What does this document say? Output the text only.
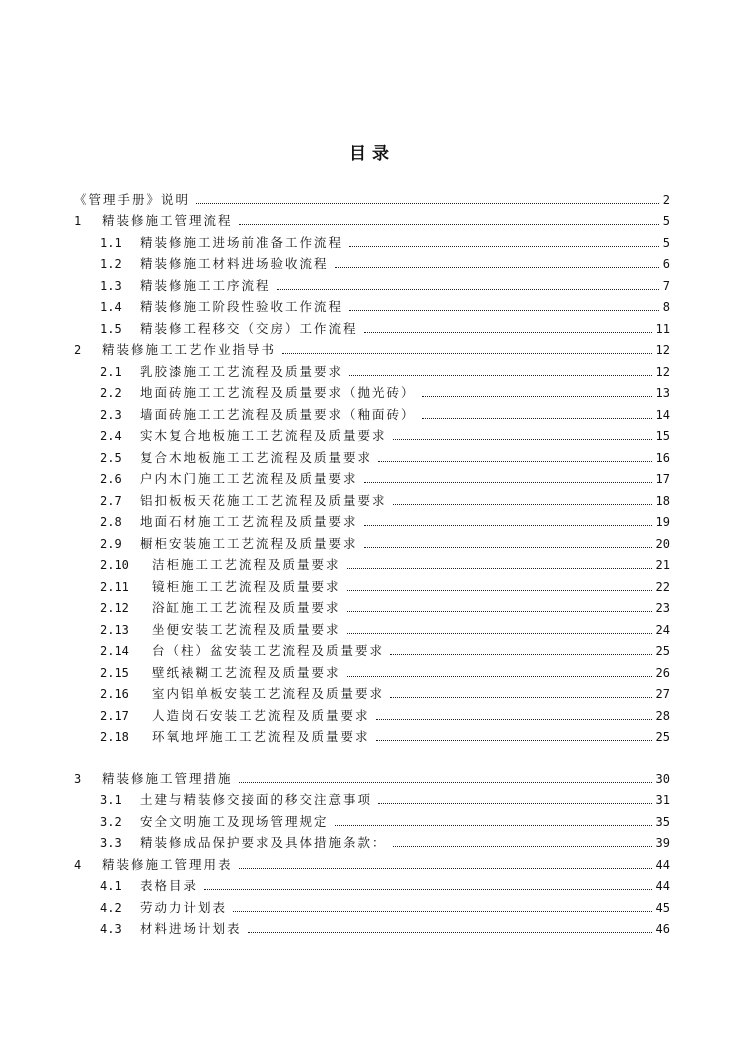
目录
《管理手册》说明	2
1	精装修施工管理流程	5
1.1	精装修施工进场前准备工作流程	5
1.2	精装修施工材料进场验收流程	6
1.3	精装修施工工序流程	7
1.4	精装修施工阶段性验收工作流程	8
1.5	精装修工程移交（交房）工作流程	11
2	精装修施工工艺作业指导书	12
2.1	乳胶漆施工工艺流程及质量要求	12
2.2	地面砖施工工艺流程及质量要求（抛光砖）	13
2.3	墙面砖施工工艺流程及质量要求（釉面砖）	14
2.4	实木复合地板施工工艺流程及质量要求	15
2.5	复合木地板施工工艺流程及质量要求	16
2.6	户内木门施工工艺流程及质量要求	17
2.7	铝扣板板天花施工工艺流程及质量要求	18
2.8	地面石材施工工艺流程及质量要求	19
2.9	橱柜安装施工工艺流程及质量要求	20
2.10	洁柜施工工艺流程及质量要求	21
2.11	镜柜施工工艺流程及质量要求	22
2.12	浴缸施工工艺流程及质量要求	23
2.13	坐便安装工艺流程及质量要求	24
2.14	台（柱）盆安装工艺流程及质量要求	25
2.15	壁纸裱糊工艺流程及质量要求	26
2.16	室内铝单板安装工艺流程及质量要求	27
2.17	人造岗石安装工艺流程及质量要求	28
2.18	环氧地坪施工工艺流程及质量要求	25
3	精装修施工管理措施	30
3.1	土建与精装修交接面的移交注意事项	31
3.2	安全文明施工及现场管理规定	35
3.3	精装修成品保护要求及具体措施条款：	39
4	精装修施工管理用表	44
4.1	表格目录	44
4.2	劳动力计划表	45
4.3	材料进场计划表	46
